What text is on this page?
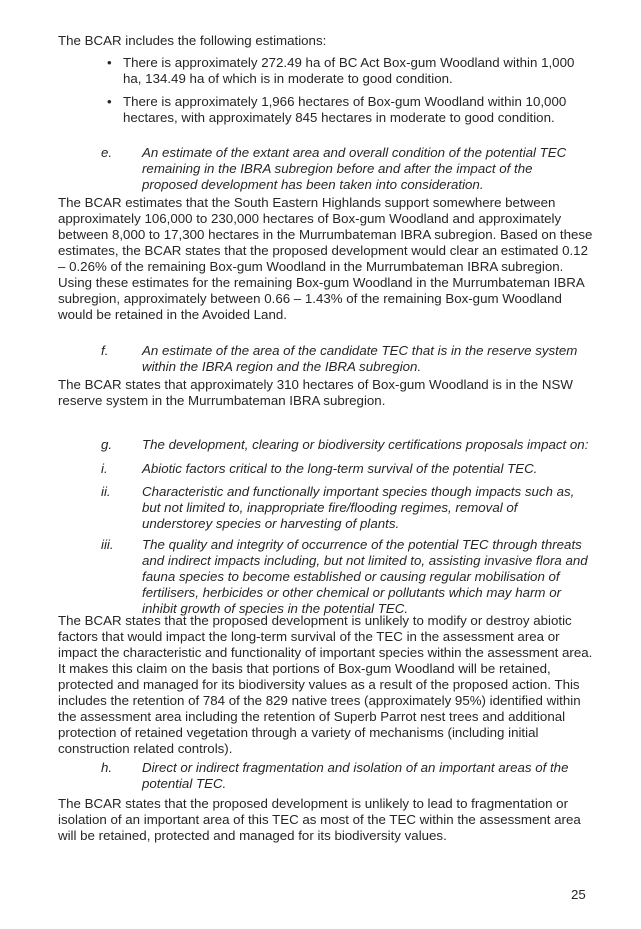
The BCAR includes the following estimations:

• There is approximately 272.49 ha of BC Act Box-gum Woodland within 1,000 ha, 134.49 ha of which is in moderate to good condition.
• There is approximately 1,966 hectares of Box-gum Woodland within 10,000 hectares, with approximately 845 hectares in moderate to good condition.
e.	An estimate of the extant area and overall condition of the potential TEC remaining in the IBRA subregion before and after the impact of the proposed development has been taken into consideration.

The BCAR estimates that the South Eastern Highlands support somewhere between approximately 106,000 to 230,000 hectares of Box-gum Woodland and approximately between 8,000 to 17,300 hectares in the Murrumbateman IBRA subregion. Based on these estimates, the BCAR states that the proposed development would clear an estimated 0.12 – 0.26% of the remaining Box-gum Woodland in the Murrumbateman IBRA subregion. Using these estimates for the remaining Box-gum Woodland in the Murrumbateman IBRA subregion, approximately between 0.66 – 1.43% of the remaining Box-gum Woodland would be retained in the Avoided Land.

f.	An estimate of the area of the candidate TEC that is in the reserve system within the IBRA region and the IBRA subregion.

The BCAR states that approximately 310 hectares of Box-gum Woodland is in the NSW reserve system in the Murrumbateman IBRA subregion.

g.	The development, clearing or biodiversity certifications proposals impact on:
i.	Abiotic factors critical to the long-term survival of the potential TEC.
ii.	Characteristic and functionally important species though impacts such as, but not limited to, inappropriate fire/flooding regimes, removal of understorey species or harvesting of plants.
iii.	The quality and integrity of occurrence of the potential TEC through threats and indirect impacts including, but not limited to, assisting invasive flora and fauna species to become established or causing regular mobilisation of fertilisers, herbicides or other chemical or pollutants which may harm or inhibit growth of species in the potential TEC.

The BCAR states that the proposed development is unlikely to modify or destroy abiotic factors that would impact the long-term survival of the TEC in the assessment area or impact the characteristic and functionality of important species within the assessment area. It makes this claim on the basis that portions of Box-gum Woodland will be retained, protected and managed for its biodiversity values as a result of the proposed action. This includes the retention of 784 of the 829 native trees (approximately 95%) identified within the assessment area including the retention of Superb Parrot nest trees and additional protection of retained vegetation through a variety of mechanisms (including initial construction related controls).

h.	Direct or indirect fragmentation and isolation of an important areas of the potential TEC.

The BCAR states that the proposed development is unlikely to lead to fragmentation or isolation of an important area of this TEC as most of the TEC within the assessment area will be retained, protected and managed for its biodiversity values.

25
